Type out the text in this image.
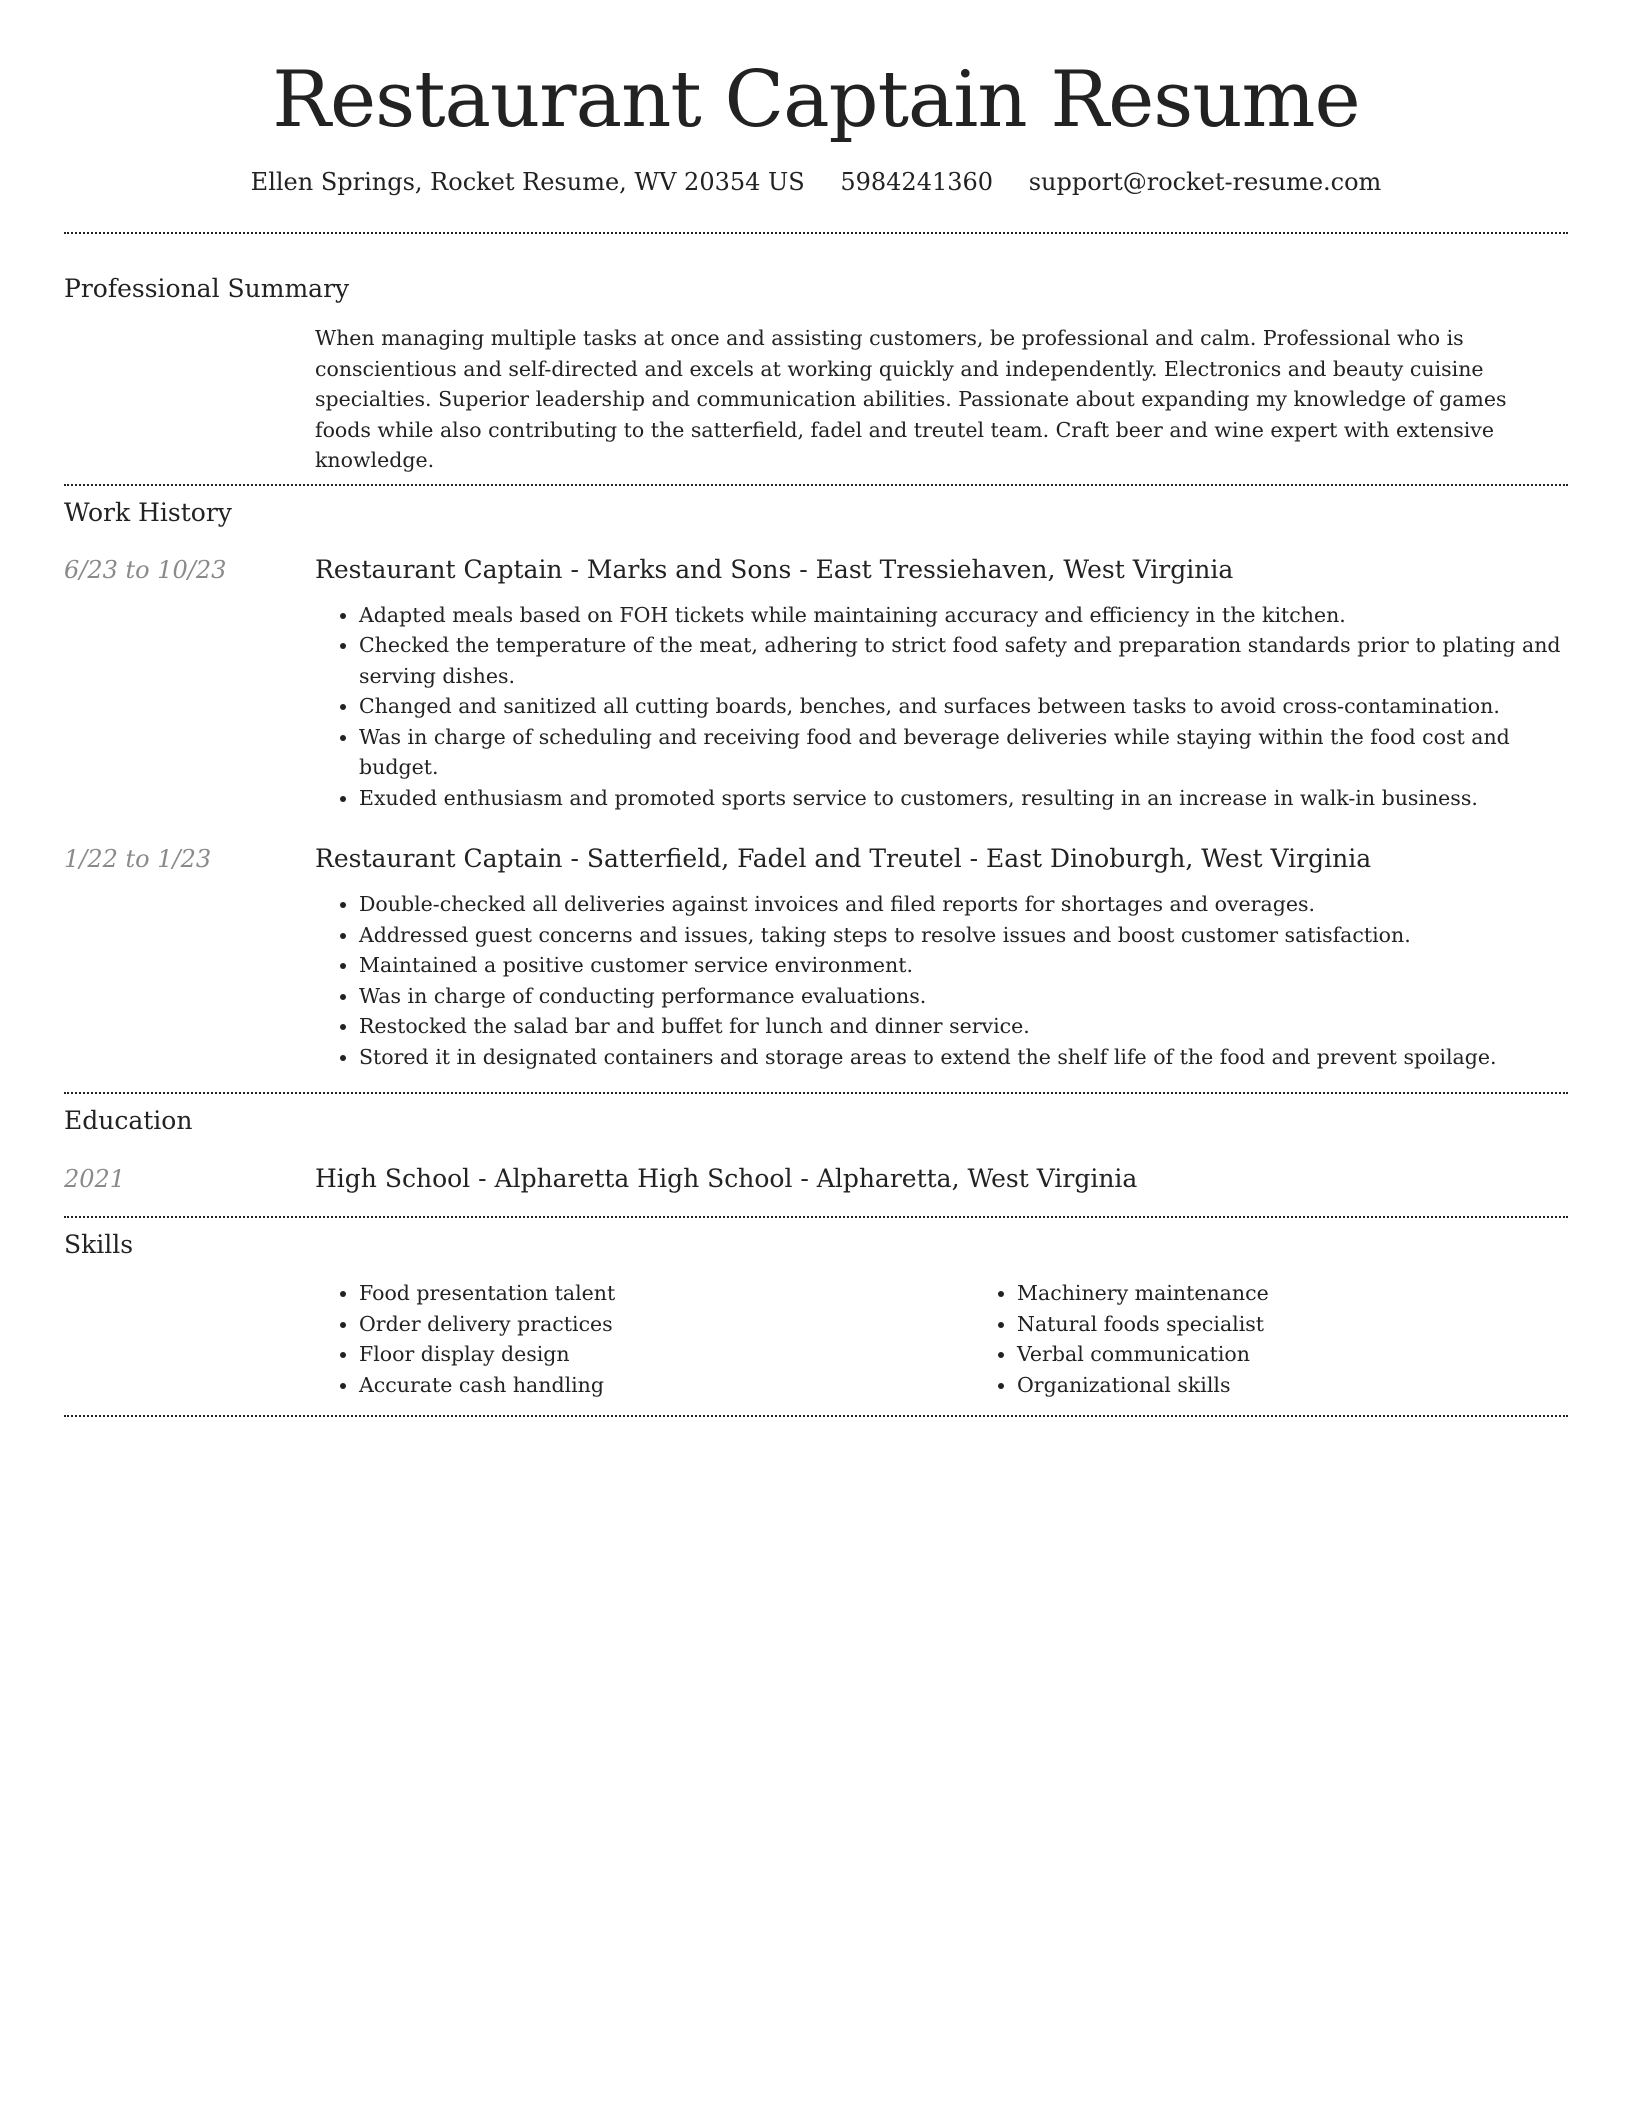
Restaurant Captain Resume
Ellen Springs, Rocket Resume, WV 20354 US 5984241360 support@rocket-resume.com
Professional Summary

When managing multiple tasks at once and assisting customers, be professional and calm. Professional who is conscientious and self-directed and excels at working quickly and independently. Electronics and beauty cuisine specialties. Superior leadership and communication abilities. Passionate about expanding my knowledge of games foods while also contributing to the satterfield, fadel and treutel team. Craft beer and wine expert with extensive knowledge.

Work History
6/23 to 10/23	Restaurant Captain - Marks and Sons - East Tressiehaven, West Virginia
• Adapted meals based on FOH tickets while maintaining accuracy and efficiency in the kitchen.
• Checked the temperature of the meat, adhering to strict food safety and preparation standards prior to plating and serving dishes.
• Changed and sanitized all cutting boards, benches, and surfaces between tasks to avoid cross-contamination.
• Was in charge of scheduling and receiving food and beverage deliveries while staying within the food cost and budget.
• Exuded enthusiasm and promoted sports service to customers, resulting in an increase in walk-in business.
1/22 to 1/23	Restaurant Captain - Satterfield, Fadel and Treutel - East Dinoburgh, West Virginia
• Double-checked all deliveries against invoices and filed reports for shortages and overages.
• Addressed guest concerns and issues, taking steps to resolve issues and boost customer satisfaction.
• Maintained a positive customer service environment.
• Was in charge of conducting performance evaluations.
• Restocked the salad bar and buffet for lunch and dinner service.
• Stored it in designated containers and storage areas to extend the shelf life of the food and prevent spoilage.
Education
2021	High School - Alpharetta High School - Alpharetta, West Virginia
Skills
• Food presentation talent
• Order delivery practices
• Floor display design
• Accurate cash handling
• Machinery maintenance
• Natural foods specialist
• Verbal communication
• Organizational skills
